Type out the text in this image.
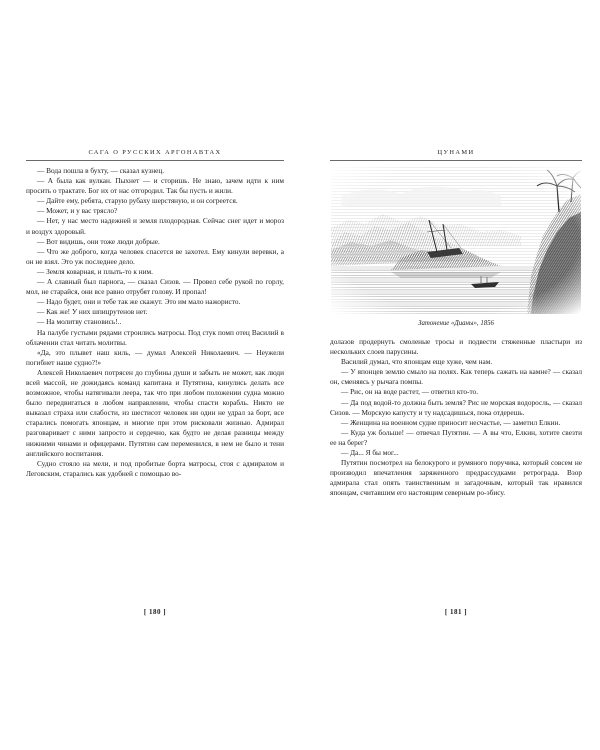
САГА О РУССКИХ АРГОНАВТАХ

— Вода пошла в бухту, — сказал кузнец.

— А была как вулкан. Пыхнет — и сторишь. Не знаю, зачем идти к ним просить о трактате. Бог их от нас отгородил. Так бы пусть и жили.

— Дайте ему, ребята, старую рубаху шерстяную, и он согреется.

— Может, и у вас трясло?

— Нет, у нас место надежней и земля плодородная. Сейчас снег идет и мороз и воздух здоровый.

— Вот видишь, они тоже люди добрые.

— Что же доброго, когда человек спасется ве захотел. Ему кинули веревки, а он не взял. Это уж последнее дело.

— Земля коварная, и плыть-то к ним.

— А славный был парнога, — сказал Сизов. — Провел себе рукой по горлу, мол, не старайся, они все равно отрубят голову. И пропал!

— Надо будет, они и тебе так же скажут. Это им мало нажористо.

— Как же! У них шпицрутенов нет.

— На молитву становись!..

На палубе густыми рядами строились матросы. Под стук помп отец Василий в облачении стал читать молитвы.

«Да, это плывет наш киль, — думал Алексей Николаевич. — Неужели погибнет наше судно?!»

Алексей Николаевич потрясен до глубины души и забыть не может, как люди всей массой, не дожидаясь команд капитана и Путятина, кинулись делать все возможное, чтобы натягивали леера, так что при любом положении судна можно было передвигаться в любом направлении, чтобы спасти корабль. Никто не выказал страха или слабости, из шестисот человек ни один не удрал за борт, все старались помогать японцам, и многие при этом рисковали жизнью. Адмирал разговаривает с ними запросто и сердечно, как будто не делая разницы между нижними чинами и офицерами. Путятин сам переменился, в нем не было и тени английского воспитания.

Судно стояло на мели, и под пробитые борта матросы, стоя с адмиралом и Леговским, старались как удобней с помощью во-

[ 180 ]
ЦУНАМИ
Затонение «Дианы», 1856

долазов продернуть смоленые тросы и подвести стяженные пластыри из нескольких слоев парусины.

Василий думал, что японцам еще хуже, чем нам.

— У японцев землю смыло на полях. Как теперь сажать на камне? — сказал он, сменяясь у рычага помпы.

— Рис, он на воде растет, — ответил кто-то.

— Да под водой-то должна быть земля? Рис не морская водоросль, — сказал Сизов. — Морскую капусту и ту надсадишься, пока отдерешь.

— Женщина на военном судне приносит несчастье, — заметил Елкин.

— Куда уж больше! — отвечал Путятин. — А вы что, Елкин, хотите свезти ее на берег?

— Да... Я бы мог...

Путятин посмотрел на белокурого и румяного поручика, который совсем не производил впечатления заряженного предрассудками ретрограда. Взор адмирала стал опять таинственным и загадочным, который так нравился японцам, считавшим его настоящим северным ро-эбису.

[ 181 ]
